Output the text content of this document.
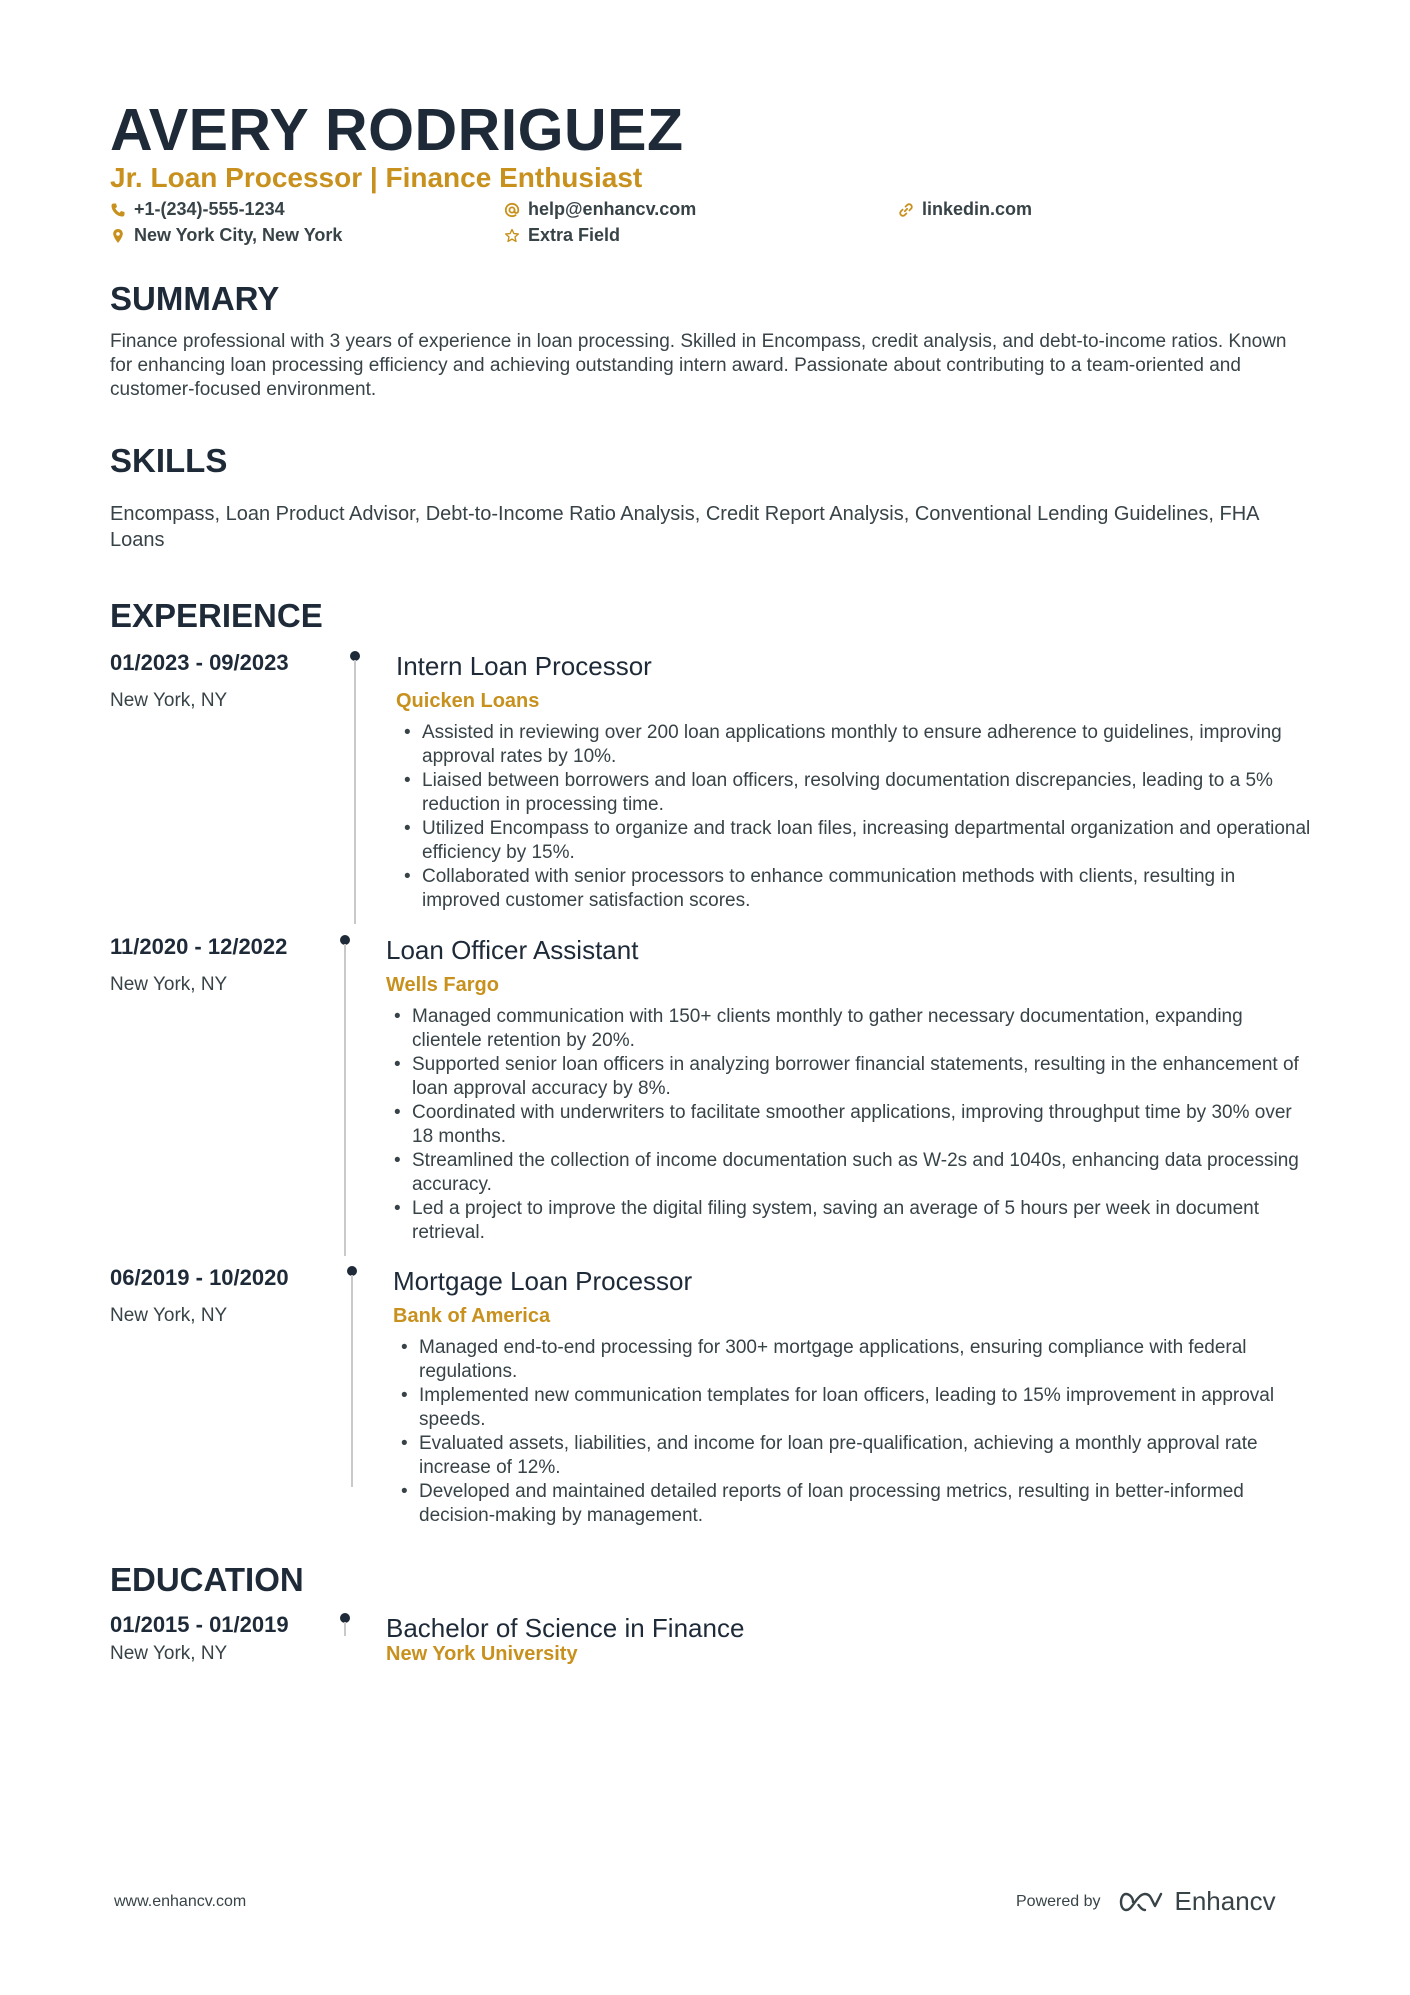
AVERY RODRIGUEZ
Jr. Loan Processor | Finance Enthusiast
+1-(234)-555-1234	help@enhancv.com	linkedin.com
New York City, New York	Extra Field
SUMMARY
Finance professional with 3 years of experience in loan processing. Skilled in Encompass, credit analysis, and debt-to-income ratios. Known for enhancing loan processing efficiency and achieving outstanding intern award. Passionate about contributing to a team-oriented and customer-focused environment.
SKILLS
Encompass, Loan Product Advisor, Debt-to-Income Ratio Analysis, Credit Report Analysis, Conventional Lending Guidelines, FHA Loans
EXPERIENCE
01/2023 - 09/2023
New York, NY
Intern Loan Processor
Quicken Loans
• Assisted in reviewing over 200 loan applications monthly to ensure adherence to guidelines, improving approval rates by 10%.
• Liaised between borrowers and loan officers, resolving documentation discrepancies, leading to a 5% reduction in processing time.
• Utilized Encompass to organize and track loan files, increasing departmental organization and operational efficiency by 15%.
• Collaborated with senior processors to enhance communication methods with clients, resulting in improved customer satisfaction scores.
11/2020 - 12/2022
New York, NY
Loan Officer Assistant
Wells Fargo
• Managed communication with 150+ clients monthly to gather necessary documentation, expanding clientele retention by 20%.
• Supported senior loan officers in analyzing borrower financial statements, resulting in the enhancement of loan approval accuracy by 8%.
• Coordinated with underwriters to facilitate smoother applications, improving throughput time by 30% over 18 months.
• Streamlined the collection of income documentation such as W-2s and 1040s, enhancing data processing accuracy.
• Led a project to improve the digital filing system, saving an average of 5 hours per week in document retrieval.
06/2019 - 10/2020
New York, NY
Mortgage Loan Processor
Bank of America
• Managed end-to-end processing for 300+ mortgage applications, ensuring compliance with federal regulations.
• Implemented new communication templates for loan officers, leading to 15% improvement in approval speeds.
• Evaluated assets, liabilities, and income for loan pre-qualification, achieving a monthly approval rate increase of 12%.
• Developed and maintained detailed reports of loan processing metrics, resulting in better-informed decision-making by management.
EDUCATION
01/2015 - 01/2019
New York, NY
Bachelor of Science in Finance
New York University
www.enhancv.com	Powered by	Enhancv
